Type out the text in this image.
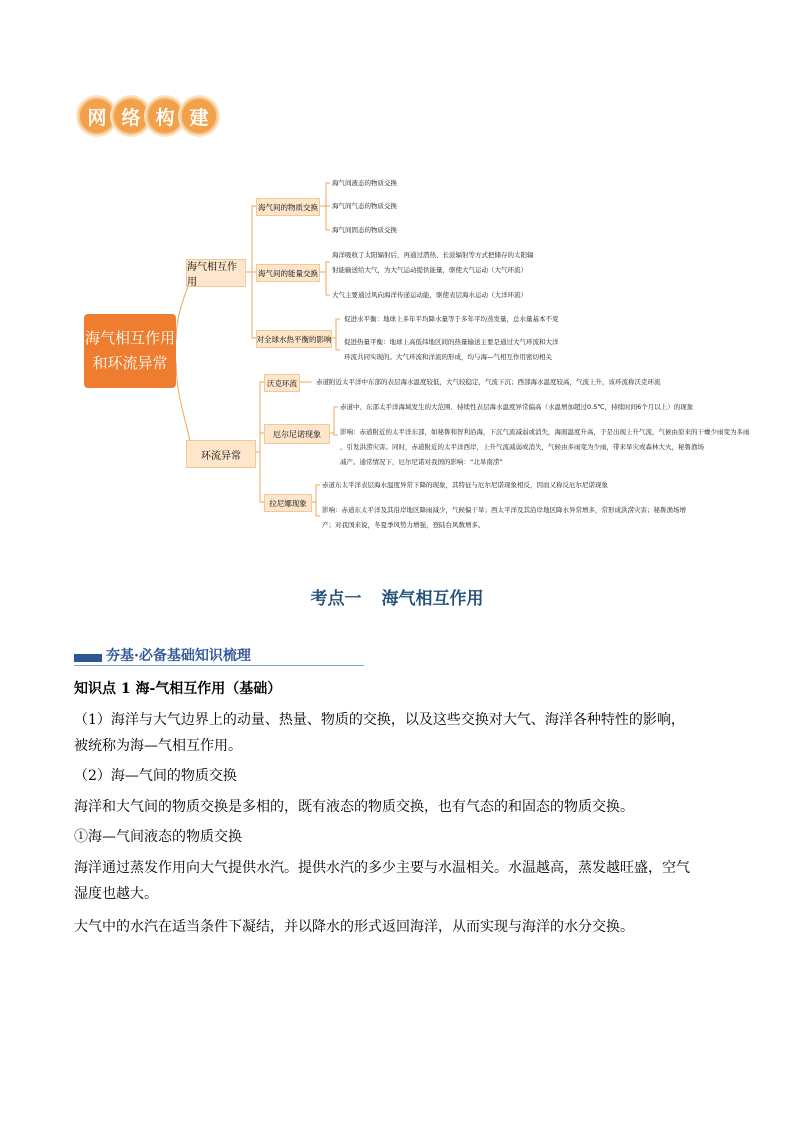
网 络 构 建
海气相互作用
和环流异常
海气相互作用
海气间的物质交换
海气间液态的物质交换
海气间气态的物质交换
海气间固态的物质交换
海气间的能量交换
海洋吸收了太阳辐射后，再通过潜热、长波辐射等方式把储存的太阳辐
射能输送给大气，为大气运动提供能量，驱使大气运动（大气环流）
大气主要通过风向海洋传递运动能，驱使表层海水运动（大洋环流）
对全球水热平衡的影响
促进水平衡：地球上多年平均降水量等于多年平均蒸发量，总水量基本不变
促进热量平衡：地球上高低纬地区间的热量输送主要是通过大气环流和大洋
环流共同实现的。大气环流和洋流的形成，均与海—气相互作用密切相关
环流异常
沃克环流	赤道附近太平洋中东部的表层海水温度较低，大气较稳定，气流下沉；西部海水温度较高，气流上升，该环流称沃克环流
厄尔尼诺现象
赤道中、东部太平洋海域发生的大范围、持续性表层海水温度异常偏高（水温增加超过0.5℃，持续时间6个月以上）的现象
影响：赤道附近的太平洋东部，如秘鲁和智利沿海，下沉气流减弱或消失，海面温度升高，于是出现上升气流，气候由原来的干燥少雨变为多雨
，引发洪涝灾害。同时，赤道附近的太平洋西岸，上升气流减弱或消失，气候由多雨变为少雨，带来旱灾或森林大火，秘鲁渔场
减产。通常情况下，厄尔尼诺对我国的影响：“北旱南涝”
拉尼娜现象
赤道东太平洋表层海水温度异常下降的现象，其特征与厄尔尼诺现象相反，因而又称反厄尔尼诺现象
影响：赤道东太平洋及其沿岸地区降雨减少，气候偏干旱；西太平洋及其沿岸地区降水异常增多，常形成洪涝灾害；秘鲁渔场增
产；对我国来说，冬夏季风势力增强，登陆台风数增多。
考点一 海气相互作用
夯基·必备基础知识梳理
知识点 1 海-气相互作用（基础）
（1）海洋与大气边界上的动量、热量、物质的交换，以及这些交换对大气、海洋各种特性的影响，
被统称为海—气相互作用。
（2）海—气间的物质交换
海洋和大气间的物质交换是多相的，既有液态的物质交换，也有气态的和固态的物质交换。
①海—气间液态的物质交换
海洋通过蒸发作用向大气提供水汽。提供水汽的多少主要与水温相关。水温越高，蒸发越旺盛，空气
湿度也越大。
大气中的水汽在适当条件下凝结，并以降水的形式返回海洋，从而实现与海洋的水分交换。
